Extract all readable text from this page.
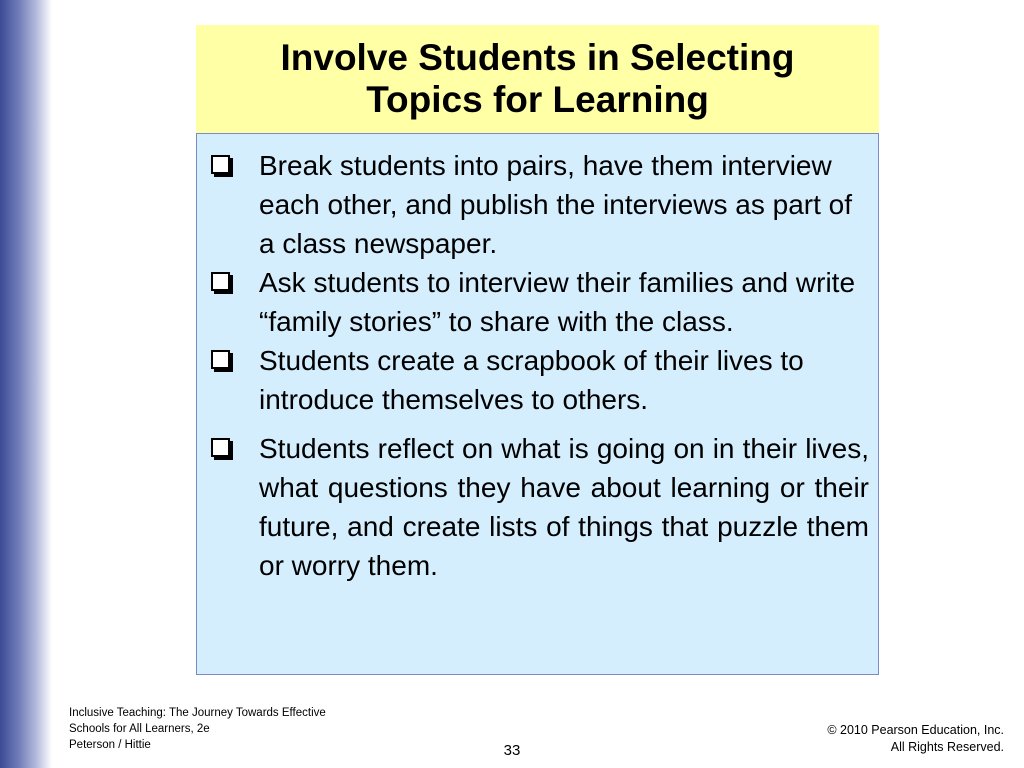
Involve Students in Selecting
Topics for Learning
Break students into pairs, have them interview each other, and publish the interviews as part of a class newspaper.
Ask students to interview their families and write “family stories” to share with the class.
Students create a scrapbook of their lives to introduce themselves to others.
Students reflect on what is going on in their lives, what questions they have about learning or their future, and create lists of things that puzzle them or worry them.
Inclusive Teaching: The Journey Towards Effective
Schools for All Learners, 2e
Peterson / Hittie	33
© 2010 Pearson Education, Inc.
All Rights Reserved.
